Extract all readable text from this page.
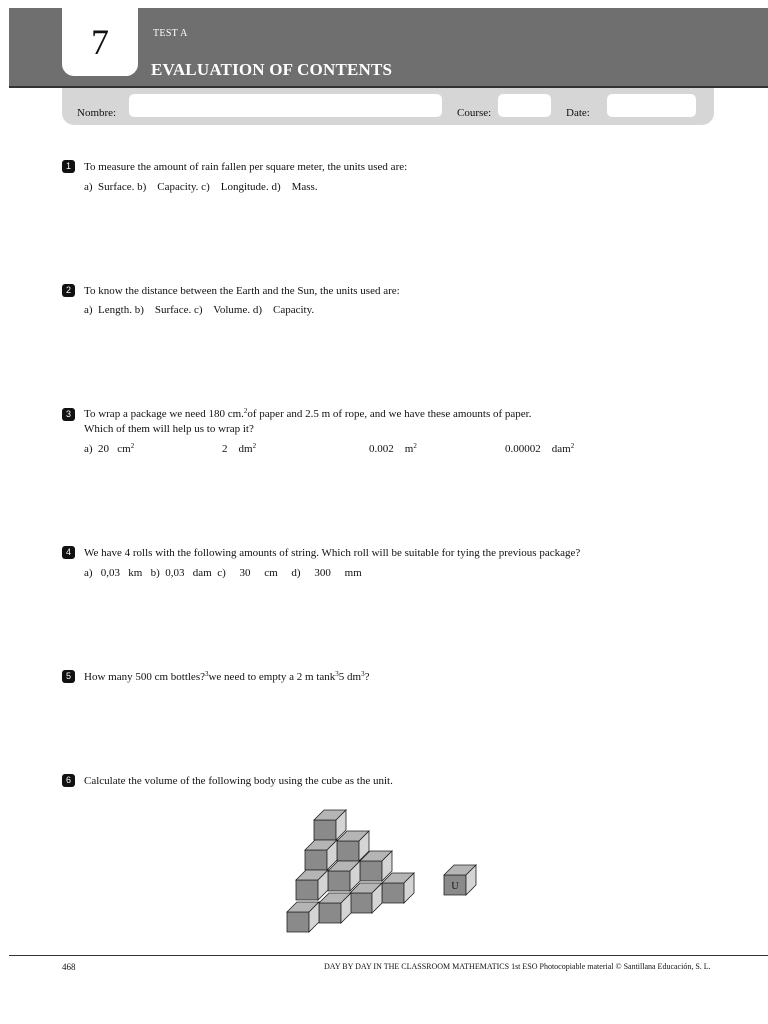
7	TEST A
EVALUATION OF CONTENTS
Nombre:	Course:	Date:
1	To measure the amount of rain fallen per square meter, the units used are:
a)  Surface. b)    Capacity. c)    Longitude. d)    Mass.
2	To know the distance between the Earth and the Sun, the units used are:
a)  Length. b)    Surface. c)    Volume. d)    Capacity.
3	To wrap a package we need 180 cm.$^2$of paper and 2.5 m of rope, and we have these amounts of paper.
Which of them will help us to wrap it?
a)  20   $cm^2$	2    $dm^2$	0.002    $m^2$	0.00002    dam$^2$
4	We have 4 rolls with the following amounts of string. Which roll will be suitable for tying the previous package?
a)   0,03   km   b)  0,03   dam  c)     30     cm     d)     300     mm
5	How many 500 cm bottles?$^3$we need to empty a 2 m tank$^3$5 $dm^3$?
6	Calculate the volume of the following body using the cube as the unit.
U
468	DAY BY DAY IN THE CLASSROOM MATHEMATICS 1st ESO Photocopiable material © Santillana Educación, S. L.
